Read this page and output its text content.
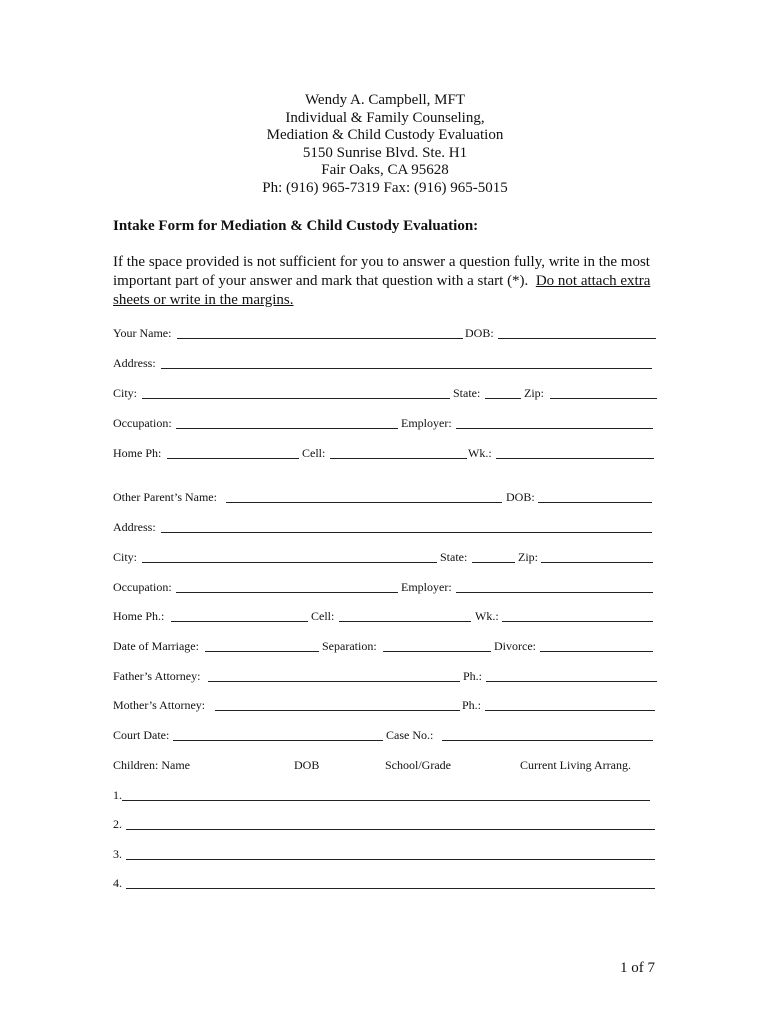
Wendy A. Campbell, MFT
Individual & Family Counseling,
Mediation & Child Custody Evaluation
5150 Sunrise Blvd. Ste. H1
Fair Oaks, CA 95628
Ph: (916) 965-7319 Fax: (916) 965-5015
Intake Form for Mediation & Child Custody Evaluation:
If the space provided is not sufficient for you to answer a question fully, write in the most important part of your answer and mark that question with a start (*). Do not attach extra sheets or write in the margins.
Your Name:	DOB:
Address:
City:	State:	Zip:
Occupation:	Employer:
Home Ph:	Cell:	Wk.:
Other Parent’s Name:	DOB:
Address:
City:	State:	Zip:
Occupation:	Employer:
Home Ph.:	Cell:	Wk.:
Date of Marriage:	Separation:	Divorce:
Father’s Attorney:	Ph.:
Mother’s Attorney:	Ph.:
Court Date:	Case No.:
Children: Name	DOB	School/Grade	Current Living Arrang.
1.
2.
3.
4.
1 of 7
